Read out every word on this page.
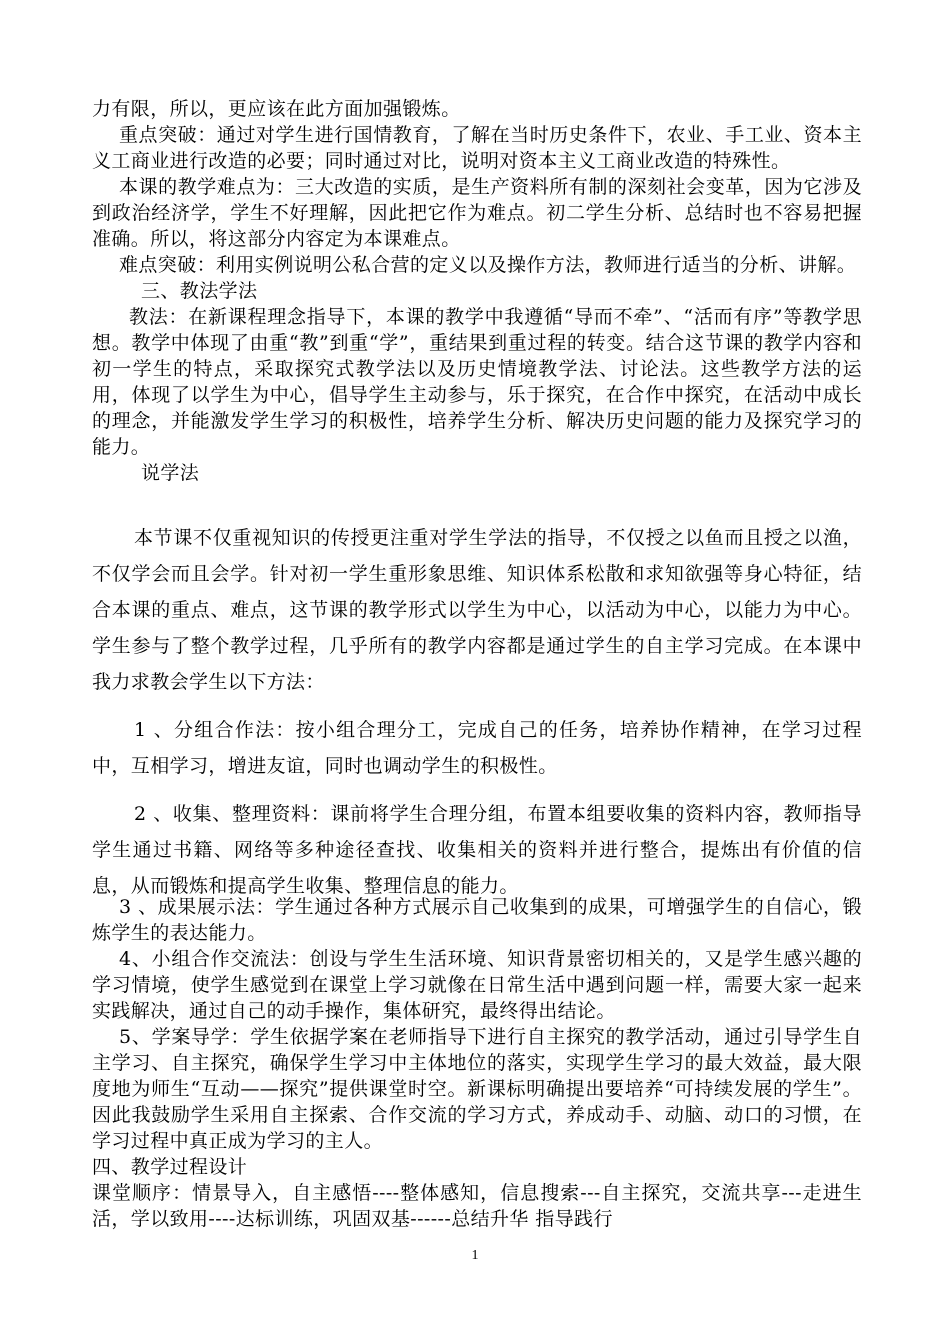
力有限，所以，更应该在此方面加强锻炼。

重点突破：通过对学生进行国情教育，了解在当时历史条件下，农业、手工业、资本主义工商业进行改造的必要；同时通过对比，说明对资本主义工商业改造的特殊性。

本课的教学难点为：三大改造的实质，是生产资料所有制的深刻社会变革，因为它涉及到政治经济学，学生不好理解，因此把它作为难点。初二学生分析、总结时也不容易把握准确。所以，将这部分内容定为本课难点。

难点突破：利用实例说明公私合营的定义以及操作方法，教师进行适当的分析、讲解。

三、教法学法

教法：在新课程理念指导下，本课的教学中我遵循“导而不牵”、“活而有序”等教学思想。教学中体现了由重“教”到重“学”，重结果到重过程的转变。结合这节课的教学内容和初一学生的特点，采取探究式教学法以及历史情境教学法、讨论法。这些教学方法的运用，体现了以学生为中心，倡导学生主动参与，乐于探究，在合作中探究，在活动中成长的理念，并能激发学生学习的积极性，培养学生分析、解决历史问题的能力及探究学习的能力。

说学法

本节课不仅重视知识的传授更注重对学生学法的指导，不仅授之以鱼而且授之以渔，不仅学会而且会学。针对初一学生重形象思维、知识体系松散和求知欲强等身心特征，结合本课的重点、难点，这节课的教学形式以学生为中心，以活动为中心，以能力为中心。学生参与了整个教学过程，几乎所有的教学内容都是通过学生的自主学习完成。在本课中我力求教会学生以下方法：

1 、分组合作法：按小组合理分工，完成自己的任务，培养协作精神，在学习过程中，互相学习，增进友谊，同时也调动学生的积极性。

2 、收集、整理资料：课前将学生合理分组，布置本组要收集的资料内容，教师指导学生通过书籍、网络等多种途径查找、收集相关的资料并进行整合，提炼出有价值的信息，从而锻炼和提高学生收集、整理信息的能力。

3 、成果展示法：学生通过各种方式展示自己收集到的成果，可增强学生的自信心，锻炼学生的表达能力。

4、小组合作交流法：创设与学生生活环境、知识背景密切相关的，又是学生感兴趣的学习情境，使学生感觉到在课堂上学习就像在日常生活中遇到问题一样，需要大家一起来实践解决，通过自己的动手操作，集体研究，最终得出结论。

5、学案导学：学生依据学案在老师指导下进行自主探究的教学活动，通过引导学生自主学习、自主探究，确保学生学习中主体地位的落实，实现学生学习的最大效益，最大限度地为师生“互动——探究”提供课堂时空。新课标明确提出要培养“可持续发展的学生”。因此我鼓励学生采用自主探索、合作交流的学习方式，养成动手、动脑、动口的习惯，在学习过程中真正成为学习的主人。

四、教学过程设计

课堂顺序：情景导入，自主感悟----整体感知，信息搜索---自主探究，交流共享---走进生活，学以致用----达标训练，巩固双基------总结升华 指导践行

1
